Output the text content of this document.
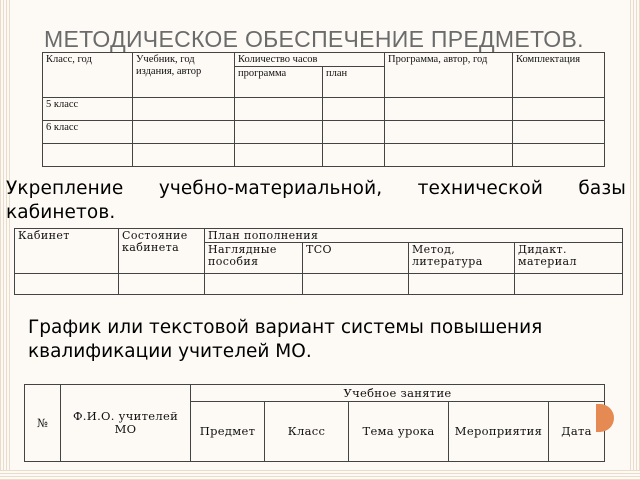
МЕТОДИЧЕСКОЕ ОБЕСПЕЧЕНИЕ ПРЕДМЕТОВ.
Класс, год	Учебник, год издания, автор	Количество часов		Программа, автор, год	Комплектация
		программа	план		
5 класс					
6 класс					

Укрепление учебно-материальной, технической базы кабинетов.
Кабинет	Состояние кабинета	План пополнения			
		Наглядные пособия	ТСО	Метод, литература	Дидакт. материал

График или текстовой вариант системы повышения квалификации учителей МО.
№	Ф.И.О. учителей МО	Учебное занятие				
		Предмет	Класс	Тема урока	Мероприятия	Дата
